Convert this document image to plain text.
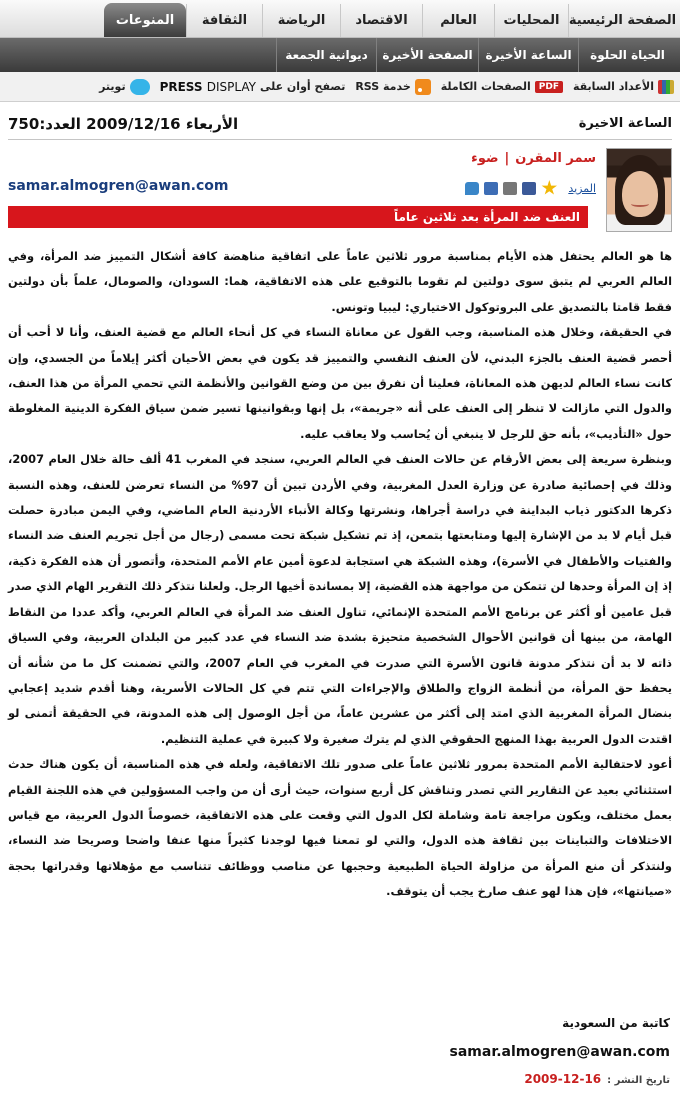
الصفحة الرئيسية
المحليات
العالم
الاقتصاد
الرياضة
الثقافة
المنوعات
الحياة الحلوة
الساعة الأخيرة
الصفحة الأخيرة
ديوانية الجمعة
الأعداد السابقة
PDF
الصفحات الكاملة
خدمة RSS
تصفح أوان على
PRESS DISPLAY
تويتر
الساعة الاخيرة
الأربعاء 2009/12/16 العدد:750
سمر المقرن|ضوء
المزيد
samar.almogren@awan.com
العنف ضد المرأة بعد ثلاثين عاماً

ها هو العالم يحتفل هذه الأيام بمناسبة مرور ثلاثين عاماً على اتفاقية مناهضة كافة أشكال التمييز ضد المرأة، وفي العالم العربي لم يتبق سوى دولتين لم تقوما بالتوقيع على هذه الاتفاقية، هما: السودان، والصومال، علماً بأن دولتين فقط قامتا بالتصديق على البروتوكول الاختياري: ليبيا وتونس.

في الحقيقة، وخلال هذه المناسبة، وجب القول عن معاناة النساء في كل أنحاء العالم مع قضية العنف، وأنا لا أحب أن أحصر قضية العنف بالجزء البدني، لأن العنف النفسي والتمييز قد يكون في بعض الأحيان أكثر إيلاماً من الجسدي، وإن كانت نساء العالم لديهن هذه المعاناة، فعلينا أن نفرق بين من وضع القوانين والأنظمة التي تحمي المرأة من هذا العنف، والدول التي مازالت لا تنظر إلى العنف على أنه «جريمة»، بل إنها وبقوانينها تسير ضمن سياق الفكرة الدينية المغلوطة حول «التأديب»، بأنه حق للرجل لا ينبغي أن يُحاسب ولا يعاقب عليه.

وبنظرة سريعة إلى بعض الأرقام عن حالات العنف في العالم العربي، سنجد في المغرب 41 ألف حالة خلال العام 2007، وذلك في إحصائية صادرة عن وزارة العدل المغربية، وفي الأردن تبين أن 97% من النساء تعرضن للعنف، وهذه النسبة ذكرها الدكتور ذياب البداينة في دراسة أجراها، ونشرتها وكالة الأنباء الأردنية العام الماضي، وفي اليمن مبادرة حصلت قبل أيام لا بد من الإشارة إليها ومتابعتها بتمعن، إذ تم تشكيل شبكة تحت مسمى (رجال من أجل تجريم العنف ضد النساء والفتيات والأطفال في الأسرة)، وهذه الشبكة هي استجابة لدعوة أمين عام الأمم المتحدة، وأتصور أن هذه الفكرة ذكية، إذ إن المرأة وحدها لن تتمكن من مواجهة هذه القضية، إلا بمساندة أخيها الرجل. ولعلنا نتذكر ذلك التقرير الهام الذي صدر قبل عامين أو أكثر عن برنامج الأمم المتحدة الإنمائي، تناول العنف ضد المرأة في العالم العربي، وأكد عددا من النقاط الهامة، من بينها أن قوانين الأحوال الشخصية متحيزة بشدة ضد النساء في عدد كبير من البلدان العربية، وفي السياق ذاته لا بد أن نتذكر مدونة قانون الأسرة التي صدرت في المغرب في العام 2007، والتي تضمنت كل ما من شأنه أن يحفظ حق المرأة، من أنظمة الزواج والطلاق والإجراءات التي تتم في كل الحالات الأسرية، وهنا أقدم شديد إعجابي بنضال المرأة المغربية الذي امتد إلى أكثر من عشرين عاماً، من أجل الوصول إلى هذه المدونة، في الحقيقة أتمنى لو اقتدت الدول العربية بهذا المنهج الحقوقي الذي لم يترك صغيرة ولا كبيرة في عملية التنظيم.

أعود لاحتفالية الأمم المتحدة بمرور ثلاثين عاماً على صدور تلك الاتفاقية، ولعله في هذه المناسبة، أن يكون هناك حدث استثنائي بعيد عن التقارير التي تصدر وتناقش كل أربع سنوات، حيث أرى أن من واجب المسؤولين في هذه اللجنة القيام بعمل مختلف، ويكون مراجعة تامة وشاملة لكل الدول التي وقعت على هذه الاتفاقية، خصوصاً الدول العربية، مع قياس الاختلافات والتباينات بين ثقافة هذه الدول، والتي لو تمعنا فيها لوجدنا كثيراً منها عنفا واضحا وصريحا ضد النساء، ولنتذكر أن منع المرأة من مزاولة الحياة الطبيعية وحجبها عن مناصب ووظائف تتناسب مع مؤهلاتها وقدراتها بحجة «صيانتها»، فإن هذا لهو عنف صارخ يجب أن يتوقف.

كاتبة من السعودية
samar.almogren@awan.com
تاريخ النشر :16-12-2009
